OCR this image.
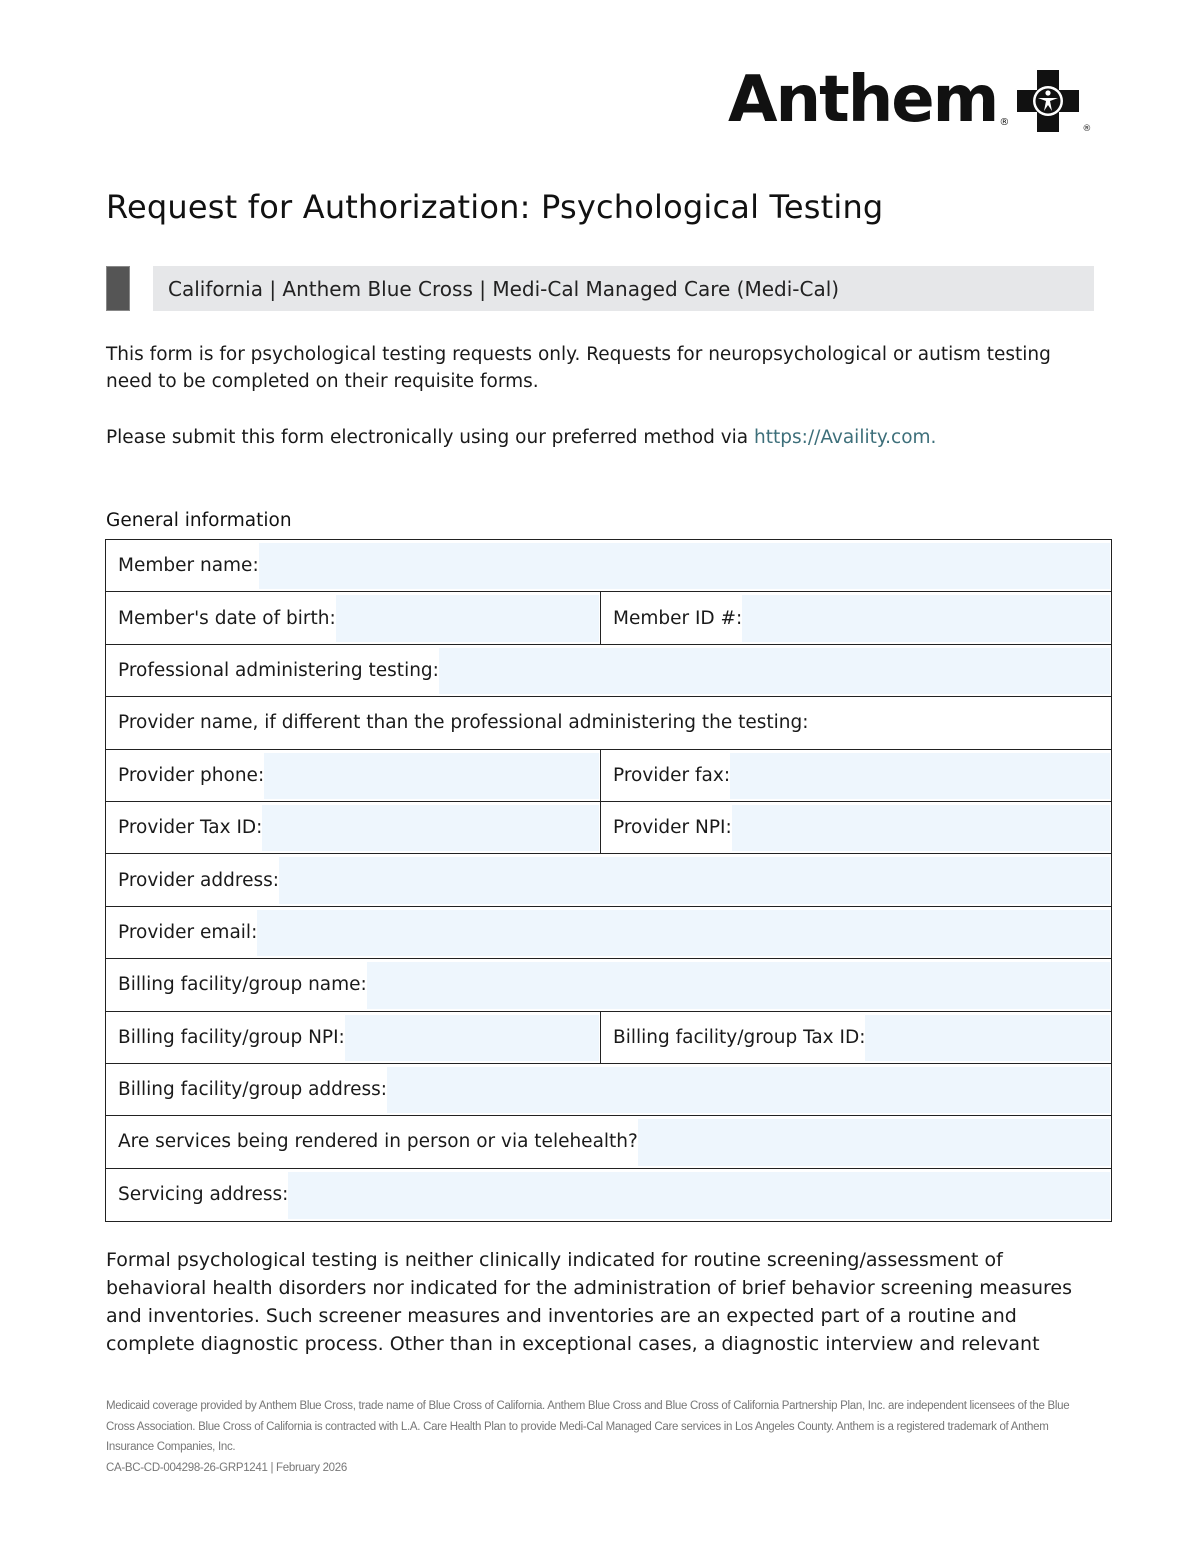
Anthem ®
®
Request for Authorization: Psychological Testing
California | Anthem Blue Cross | Medi-Cal Managed Care (Medi-Cal)

This form is for psychological testing requests only. Requests for neuropsychological or autism testing need to be completed on their requisite forms.

Please submit this form electronically using our preferred method via https://Availity.com.

General information
Member name:
Member's date of birth:	Member ID #:
Professional administering testing:
Provider name, if different than the professional administering the testing:
Provider phone:	Provider fax:
Provider Tax ID:	Provider NPI:
Provider address:
Provider email:
Billing facility/group name:
Billing facility/group NPI:	Billing facility/group Tax ID:
Billing facility/group address:
Are services being rendered in person or via telehealth?
Servicing address:

Formal psychological testing is neither clinically indicated for routine screening/assessment of behavioral health disorders nor indicated for the administration of brief behavior screening measures and inventories. Such screener measures and inventories are an expected part of a routine and complete diagnostic process. Other than in exceptional cases, a diagnostic interview and relevant

Medicaid coverage provided by Anthem Blue Cross, trade name of Blue Cross of California. Anthem Blue Cross and Blue Cross of California Partnership Plan, Inc. are independent licensees of the Blue Cross Association. Blue Cross of California is contracted with L.A. Care Health Plan to provide Medi-Cal Managed Care services in Los Angeles County. Anthem is a registered trademark of Anthem Insurance Companies, Inc.
CA-BC-CD-004298-26-GRP1241 | February 2026
